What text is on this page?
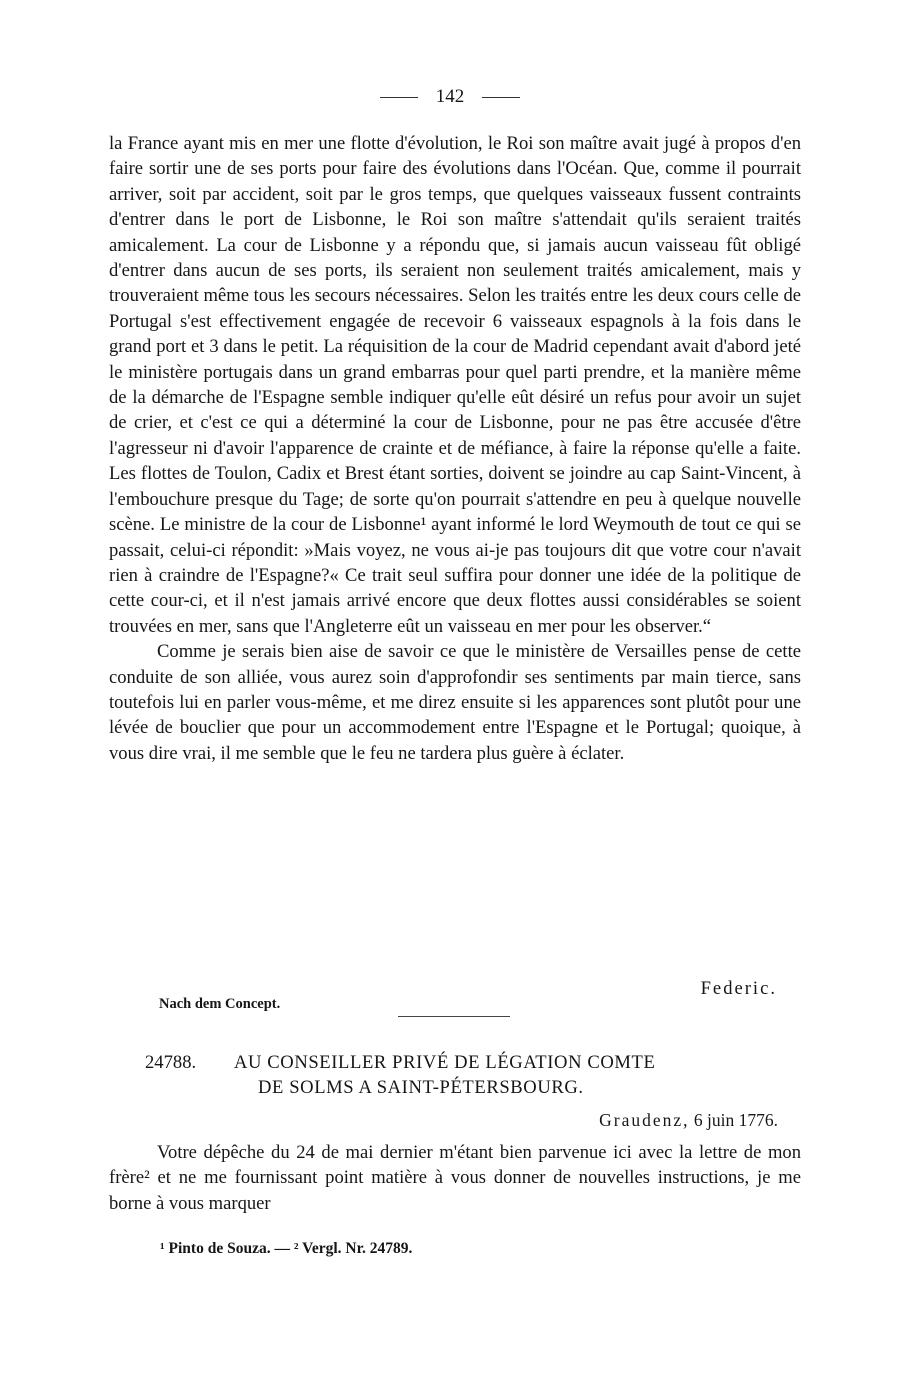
142

la France ayant mis en mer une flotte d'évolution, le Roi son maître avait jugé à propos d'en faire sortir une de ses ports pour faire des évolutions dans l'Océan. Que, comme il pourrait arriver, soit par accident, soit par le gros temps, que quelques vaisseaux fussent contraints d'entrer dans le port de Lisbonne, le Roi son maître s'attendait qu'ils seraient traités amicalement. La cour de Lisbonne y a répondu que, si jamais aucun vaisseau fût obligé d'entrer dans aucun de ses ports, ils seraient non seulement traités amicalement, mais y trouveraient même tous les secours nécessaires. Selon les traités entre les deux cours celle de Portugal s'est effectivement engagée de recevoir 6 vaisseaux espagnols à la fois dans le grand port et 3 dans le petit. La réquisition de la cour de Madrid cependant avait d'abord jeté le ministère portugais dans un grand embarras pour quel parti prendre, et la manière même de la démarche de l'Espagne semble indiquer qu'elle eût désiré un refus pour avoir un sujet de crier, et c'est ce qui a déterminé la cour de Lisbonne, pour ne pas être accusée d'être l'agresseur ni d'avoir l'apparence de crainte et de méfiance, à faire la réponse qu'elle a faite. Les flottes de Toulon, Cadix et Brest étant sorties, doivent se joindre au cap Saint-Vincent, à l'embouchure presque du Tage; de sorte qu'on pourrait s'attendre en peu à quelque nouvelle scène. Le ministre de la cour de Lisbonne¹ ayant informé le lord Weymouth de tout ce qui se passait, celui-ci répondit: »Mais voyez, ne vous ai-je pas toujours dit que votre cour n'avait rien à craindre de l'Espagne?« Ce trait seul suffira pour donner une idée de la politique de cette cour-ci, et il n'est jamais arrivé encore que deux flottes aussi considérables se soient trouvées en mer, sans que l'Angleterre eût un vaisseau en mer pour les observer.“

Comme je serais bien aise de savoir ce que le ministère de Versailles pense de cette conduite de son alliée, vous aurez soin d'approfondir ses sentiments par main tierce, sans toutefois lui en parler vous-même, et me direz ensuite si les apparences sont plutôt pour une lévée de bouclier que pour un accommodement entre l'Espagne et le Portugal; quoique, à vous dire vrai, il me semble que le feu ne tardera plus guère à éclater.

Federic.
Nach dem Concept.
24788. AU CONSEILLER PRIVÉ DE LÉGATION COMTE
DE SOLMS A SAINT-PÉTERSBOURG.
Graudenz, 6 juin 1776.

Votre dépêche du 24 de mai dernier m'étant bien parvenue ici avec la lettre de mon frère² et ne me fournissant point matière à vous donner de nouvelles instructions, je me borne à vous marquer

¹ Pinto de Souza. — ² Vergl. Nr. 24789.
